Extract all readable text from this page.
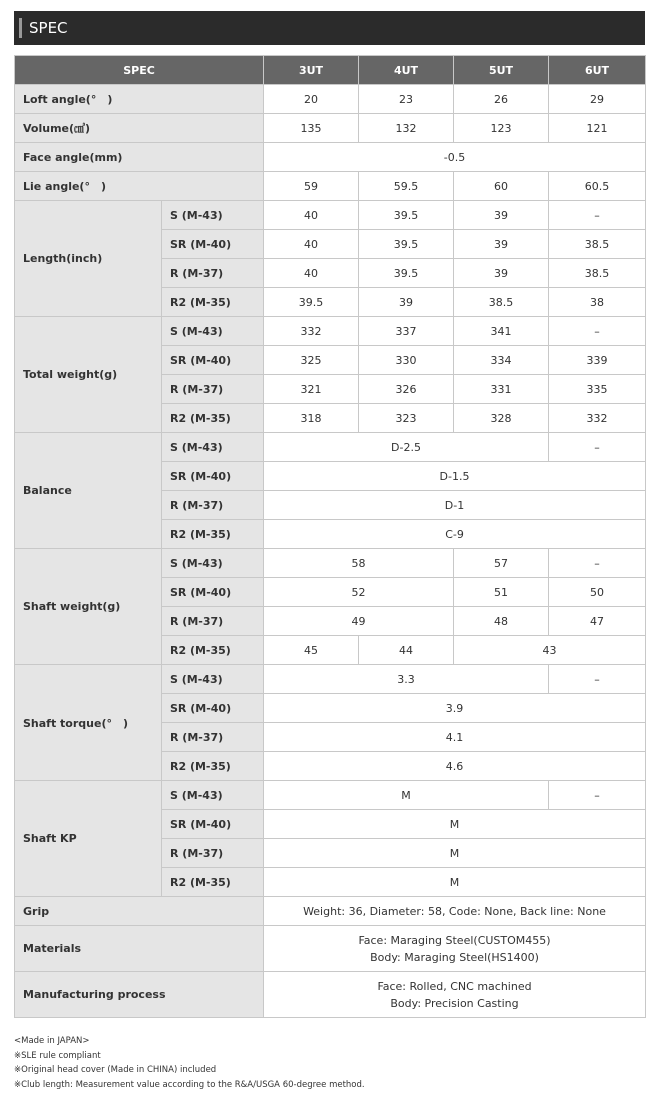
SPEC
SPEC		3UT	4UT	5UT	6UT
Loft angle(°　)		20	23	26	29
Volume(㎤)		135	132	123	121
Face angle(mm)		-0.5			
Lie angle(°　)		59	59.5	60	60.5
Length(inch)	S (M-43)	40	39.5	39	–
	SR (M-40)	40	39.5	39	38.5
	R (M-37)	40	39.5	39	38.5
	R2 (M-35)	39.5	39	38.5	38
Total weight(g)	S (M-43)	332	337	341	–
	SR (M-40)	325	330	334	339
	R (M-37)	321	326	331	335
	R2 (M-35)	318	323	328	332
Balance	S (M-43)	D-2.5			–
	SR (M-40)	D-1.5			
	R (M-37)	D-1			
	R2 (M-35)	C-9			
Shaft weight(g)	S (M-43)	58		57	–
	SR (M-40)	52		51	50
	R (M-37)	49		48	47
	R2 (M-35)	45	44	43	
Shaft torque(°　)	S (M-43)	3.3			–
	SR (M-40)	3.9			
	R (M-37)	4.1			
	R2 (M-35)	4.6			
Shaft KP	S (M-43)	M			–
	SR (M-40)	M			
	R (M-37)	M			
	R2 (M-35)	M			
Grip		Weight: 36, Diameter: 58, Code: None, Back line: None			
Materials		Face: Maraging Steel(CUSTOM455)
Body: Maraging Steel(HS1400)			

Manufacturing process		Face: Rolled, CNC machined
Body: Precision Casting			
<Made in JAPAN>
※SLE rule compliant
※Original head cover (Made in CHINA) included
※Club length: Measurement value according to the R&A/USGA 60-degree method.
